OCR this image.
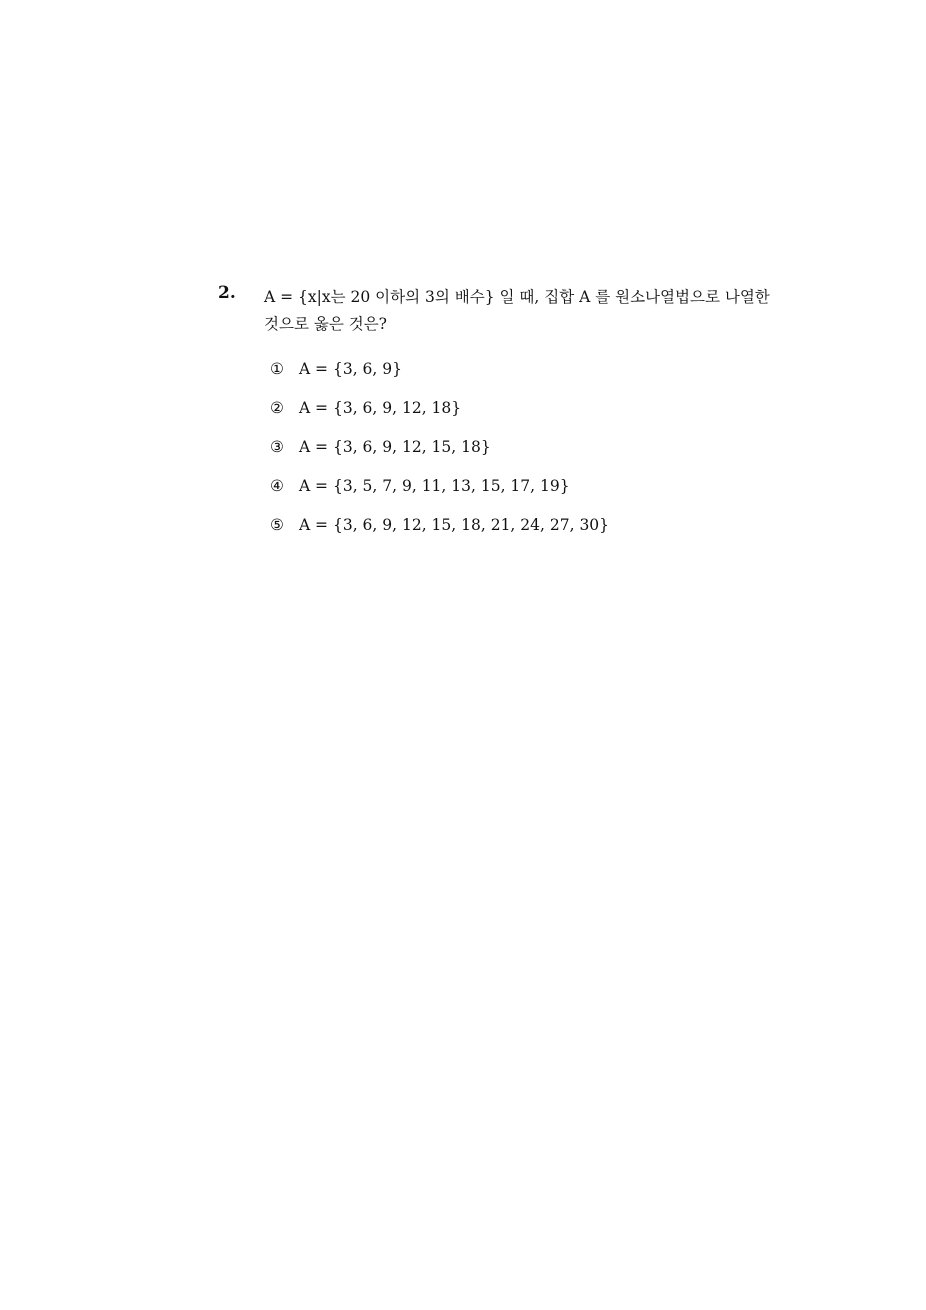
2. A = {x|x는 20 이하의 3의 배수} 일 때, 집합 A 를 원소나열법으로 나열한
것으로 옳은 것은?
① A = {3, 6, 9}
② A = {3, 6, 9, 12, 18}
③ A = {3, 6, 9, 12, 15, 18}
④ A = {3, 5, 7, 9, 11, 13, 15, 17, 19}
⑤ A = {3, 6, 9, 12, 15, 18, 21, 24, 27, 30}
